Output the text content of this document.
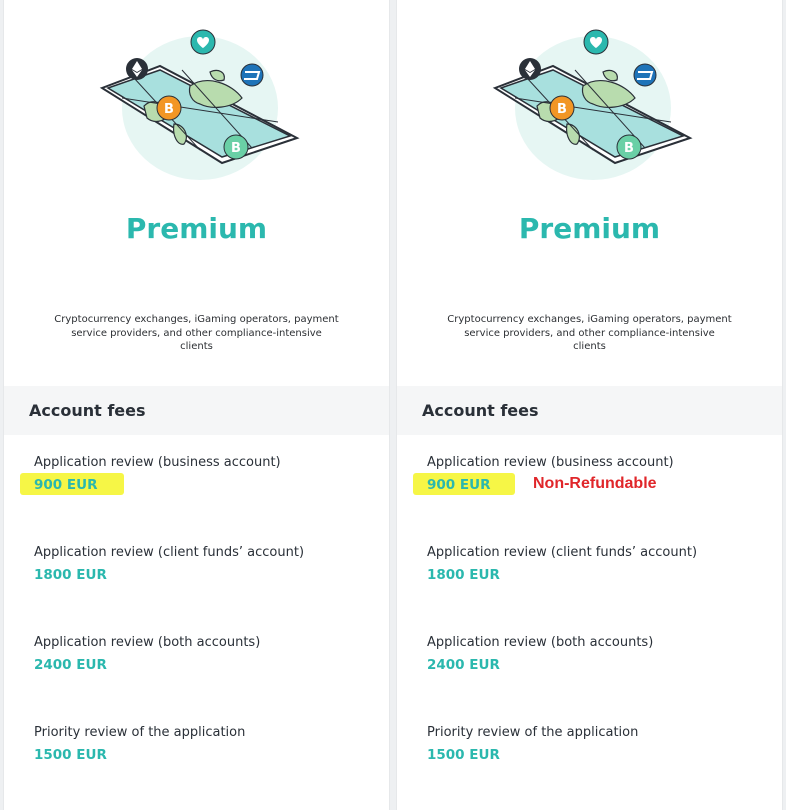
B
B
Premium
Cryptocurrency exchanges, iGaming operators, payment service providers, and other compliance-intensive clients
Account fees
Application review (business account)
900 EUR
Application review (client funds’ account)
1800 EUR
Application review (both accounts)
2400 EUR
Priority review of the application
1500 EUR
B
B
Premium
Cryptocurrency exchanges, iGaming operators, payment service providers, and other compliance-intensive clients
Account fees
Application review (business account)
900 EUR	Non-Refundable
Application review (client funds’ account)
1800 EUR
Application review (both accounts)
2400 EUR
Priority review of the application
1500 EUR
